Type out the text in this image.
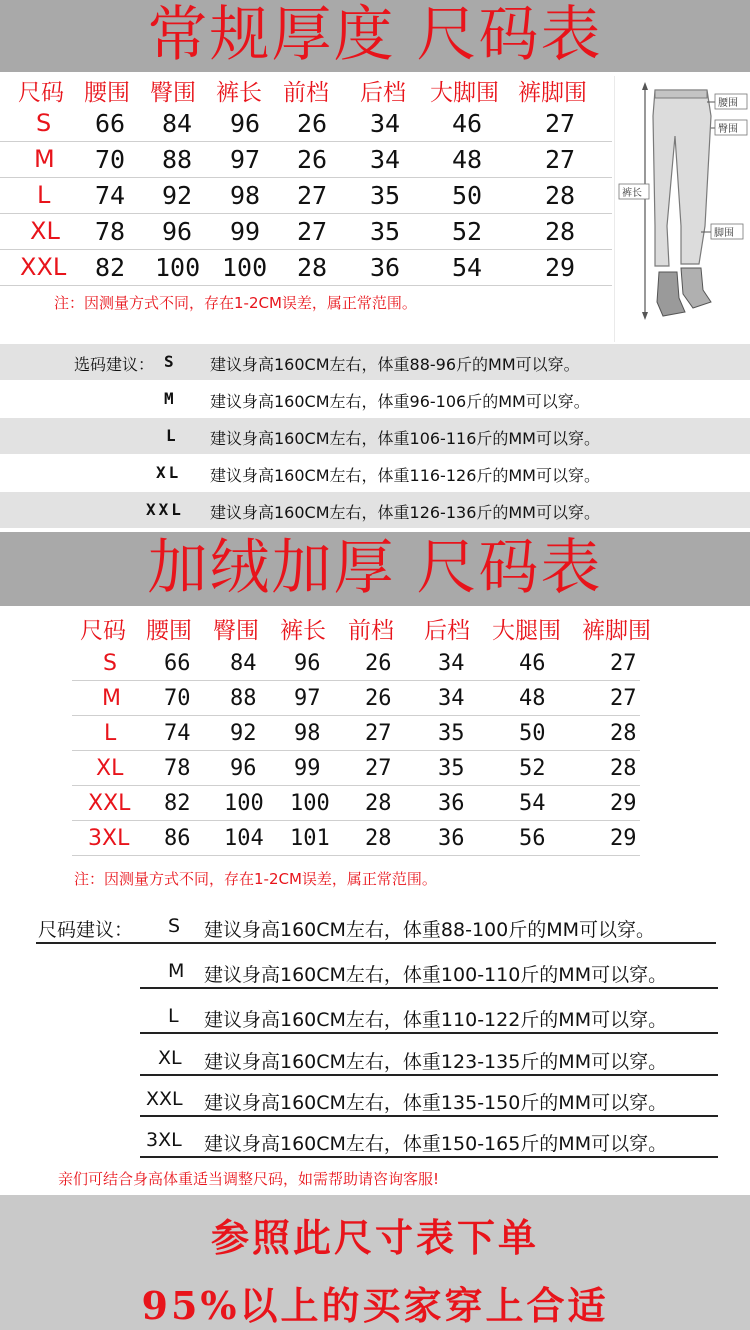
常规厚度 尺码表
尺码 腰围 臀围 裤长 前档 后档 大脚围 裤脚围
S 66 84 96 26 34 46	27
M 70 88 97 26 34 48	27
L 74 92 98 27 35 50	28
XL 78 96 99 27 35 52	28
XXL 82 100 100 28 36 54	29
注：因测量方式不同，存在1-2CM误差，属正常范围。
腰围
臀围
裤长
脚围
选码建议： S 建议身高160CM左右，体重88-96斤的MM可以穿。
M 建议身高160CM左右，体重96-106斤的MM可以穿。
L 建议身高160CM左右，体重106-116斤的MM可以穿。
XL 建议身高160CM左右，体重116-126斤的MM可以穿。
XXL 建议身高160CM左右，体重126-136斤的MM可以穿。
加绒加厚 尺码表
尺码 腰围 臀围 裤长 前档 后档 大腿围 裤脚围
S 66 84 96 26 34 46	27
M 70 88 97 26 34 48	27
L 74 92 98 27 35 50	28
XL 78 96 99 27 35 52	28
XXL 82 100 100 28 36 54	29
3XL 86 104 101 28 36 56	29
注：因测量方式不同，存在1-2CM误差，属正常范围。
尺码建议： S 建议身高160CM左右，体重88-100斤的MM可以穿。
M 建议身高160CM左右，体重100-110斤的MM可以穿。
L 建议身高160CM左右，体重110-122斤的MM可以穿。
XL 建议身高160CM左右，体重123-135斤的MM可以穿。
XXL 建议身高160CM左右，体重135-150斤的MM可以穿。
3XL 建议身高160CM左右，体重150-165斤的MM可以穿。
亲们可结合身高体重适当调整尺码，如需帮助请咨询客服!
参照此尺寸表下单
95%以上的买家穿上合适
